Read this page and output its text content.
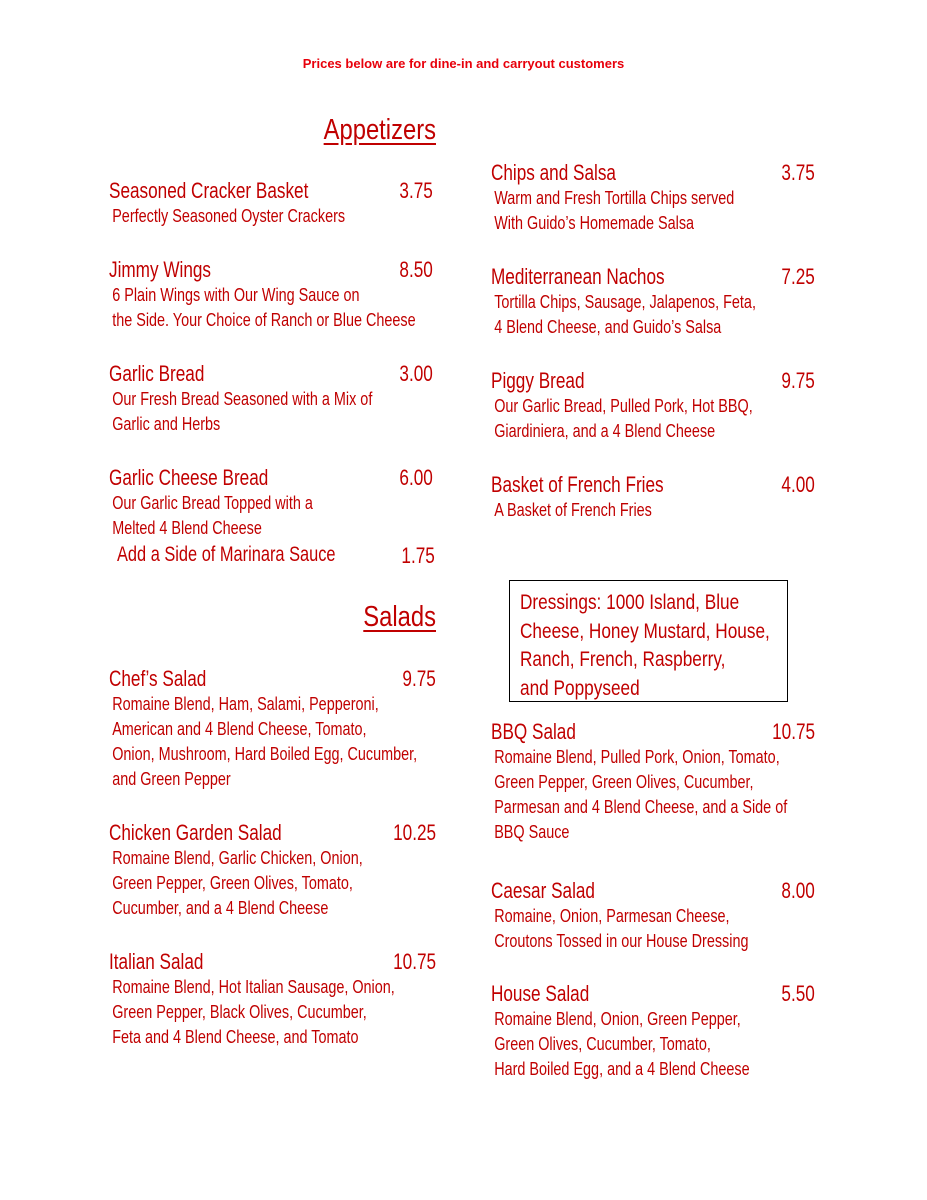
Prices below are for dine-in and carryout customers
Appetizers
Salads
Seasoned Cracker Basket	3.75
Perfectly Seasoned Oyster Crackers
Jimmy Wings	8.50
6 Plain Wings with Our Wing Sauce on
the Side. Your Choice of Ranch or Blue Cheese
Garlic Bread	3.00
Our Fresh Bread Seasoned with a Mix of
Garlic and Herbs
Garlic Cheese Bread	6.00
Our Garlic Bread Topped with a
Melted 4 Blend Cheese
Add a Side of Marinara Sauce	1.75
Chips and Salsa	3.75
Warm and Fresh Tortilla Chips served
With Guido’s Homemade Salsa
Mediterranean Nachos	7.25
Tortilla Chips, Sausage, Jalapenos, Feta,
4 Blend Cheese, and Guido’s Salsa
Piggy Bread	9.75
Our Garlic Bread, Pulled Pork, Hot BBQ,
Giardiniera, and a 4 Blend Cheese
Basket of French Fries	4.00
A Basket of French Fries
Chef’s Salad	9.75
Romaine Blend, Ham, Salami, Pepperoni,
American and 4 Blend Cheese, Tomato,
Onion, Mushroom, Hard Boiled Egg, Cucumber,
and Green Pepper
Chicken Garden Salad	10.25
Romaine Blend, Garlic Chicken, Onion,
Green Pepper, Green Olives, Tomato,
Cucumber, and a 4 Blend Cheese
Italian Salad	10.75
Romaine Blend, Hot Italian Sausage, Onion,
Green Pepper, Black Olives, Cucumber,
Feta and 4 Blend Cheese, and Tomato
BBQ Salad	10.75
Romaine Blend, Pulled Pork, Onion, Tomato,
Green Pepper, Green Olives, Cucumber,
Parmesan and 4 Blend Cheese, and a Side of
BBQ Sauce
Caesar Salad	8.00
Romaine, Onion, Parmesan Cheese,
Croutons Tossed in our House Dressing
House Salad	5.50
Romaine Blend, Onion, Green Pepper,
Green Olives, Cucumber, Tomato,
Hard Boiled Egg, and a 4 Blend Cheese
Dressings: 1000 Island, Blue
Cheese, Honey Mustard, House,
Ranch, French, Raspberry,
and Poppyseed
